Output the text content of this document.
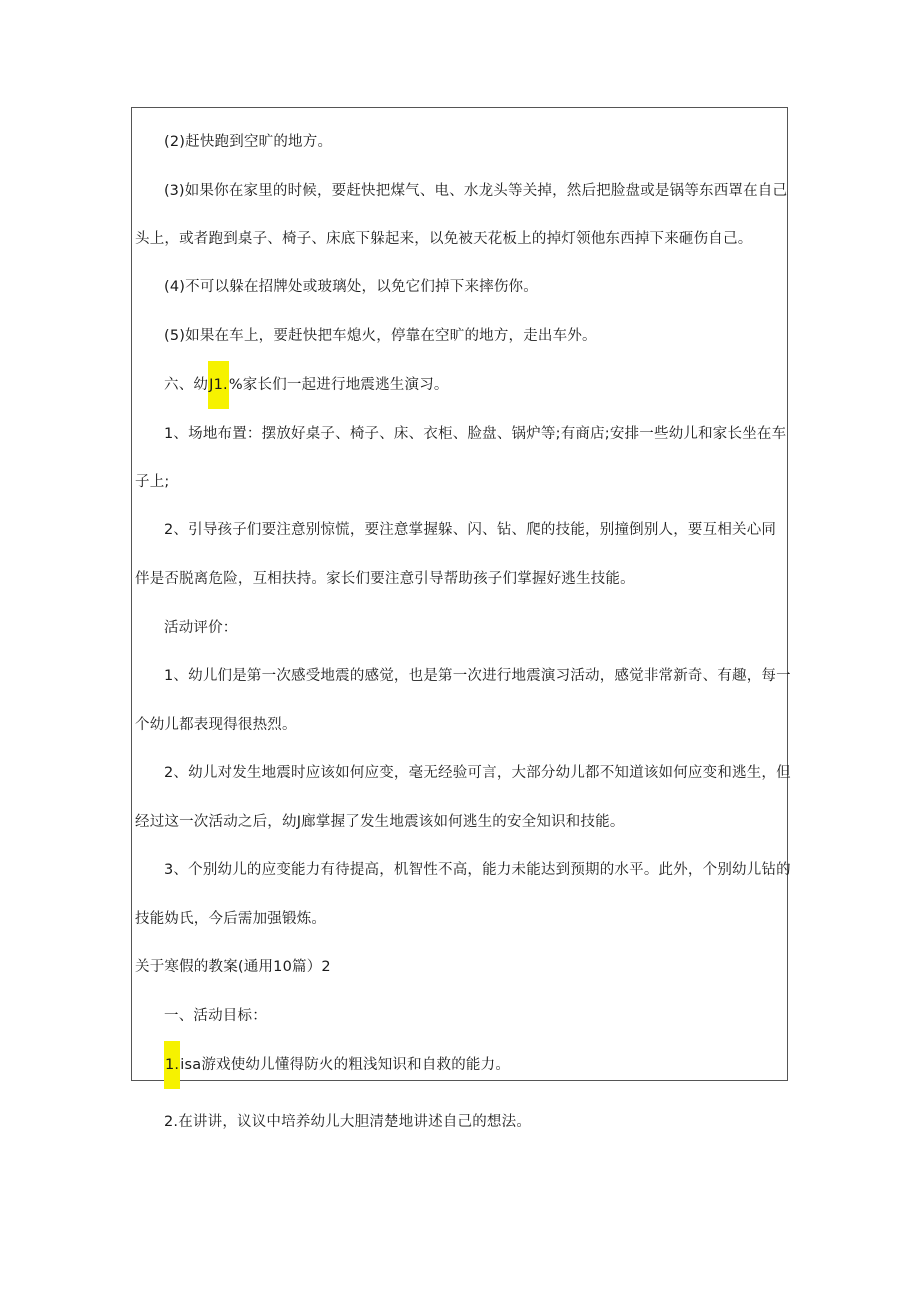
(2)赶快跑到空旷的地方。
(3)如果你在家里的时候，要赶快把煤气、电、水龙头等关掉，然后把脸盘或是锅等东西罩在自己
头上，或者跑到桌子、椅子、床底下躲起来，以免被天花板上的掉灯领他东西掉下来砸伤自己。
(4)不可以躲在招牌处或玻璃处，以免它们掉下来摔伤你。
(5)如果在车上，要赶快把车熄火，停靠在空旷的地方，走出车外。
六、幼J1.%家长们一起进行地震逃生演习。
1、场地布置：摆放好桌子、椅子、床、衣柜、脸盘、锅炉等;有商店;安排一些幼儿和家长坐在车
子上;
2、引导孩子们要注意别惊慌，要注意掌握躲、闪、钻、爬的技能，别撞倒别人，要互相关心同
伴是否脱离危险，互相扶持。家长们要注意引导帮助孩子们掌握好逃生技能。
活动评价：
1、幼儿们是第一次感受地震的感觉，也是第一次进行地震演习活动，感觉非常新奇、有趣，每一
个幼儿都表现得很热烈。
2、幼儿对发生地震时应该如何应变，毫无经验可言，大部分幼儿都不知道该如何应变和逃生，但
经过这一次活动之后，幼J廊掌握了发生地震该如何逃生的安全知识和技能。
3、个别幼儿的应变能力有待提高，机智性不高，能力未能达到预期的水平。此外，个别幼儿钻的
技能妫氏，今后需加强锻炼。
关于寒假的教案(通用10篇）2
一、活动目标：
1.isa游戏使幼儿懂得防火的粗浅知识和自救的能力。
2.在讲讲，议议中培养幼儿大胆清楚地讲述自己的想法。
